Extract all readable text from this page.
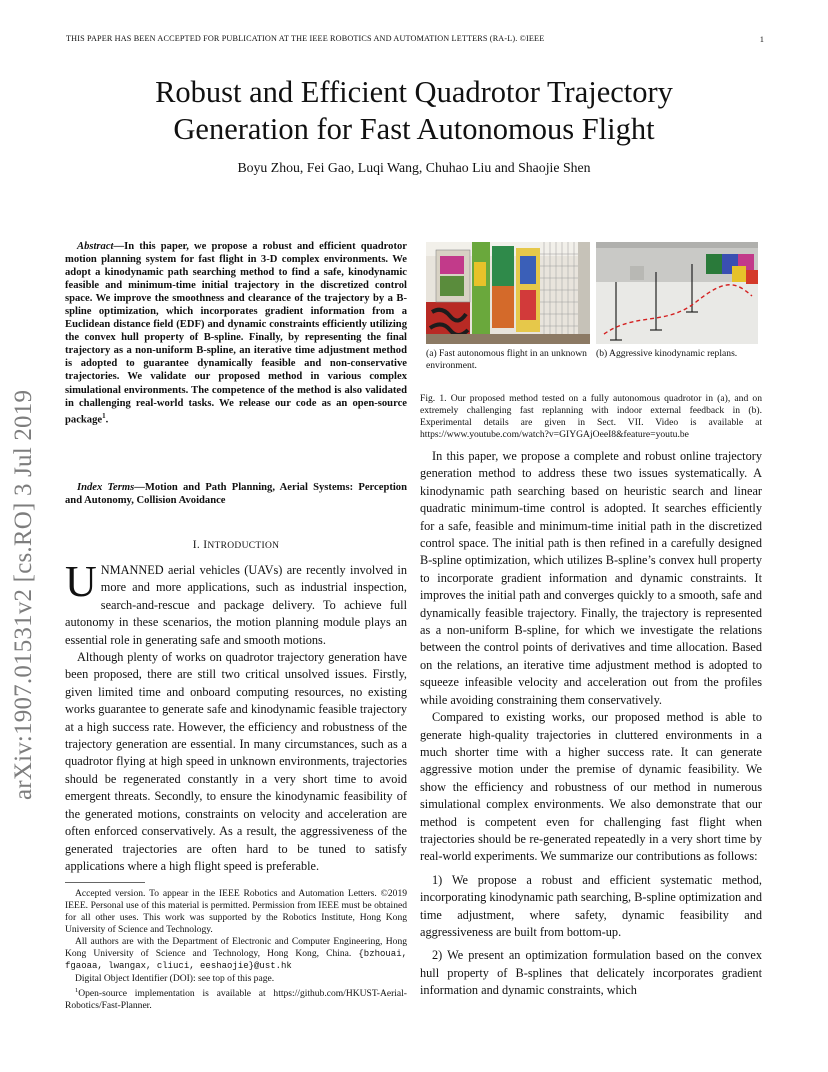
THIS PAPER HAS BEEN ACCEPTED FOR PUBLICATION AT THE IEEE ROBOTICS AND AUTOMATION LETTERS (RA-L). ©IEEE	1
Robust and Efficient Quadrotor Trajectory
Generation for Fast Autonomous Flight
Boyu Zhou, Fei Gao, Luqi Wang, Chuhao Liu and Shaojie Shen
arXiv:1907.01531v2 [cs.RO] 3 Jul 2019
Abstract—In this paper, we propose a robust and efficient quadrotor motion planning system for fast flight in 3-D complex environments. We adopt a kinodynamic path searching method to find a safe, kinodynamic feasible and minimum-time initial trajectory in the discretized control space. We improve the smoothness and clearance of the trajectory by a B-spline optimization, which incorporates gradient information from a Euclidean distance field (EDF) and dynamic constraints efficiently utilizing the convex hull property of B-spline. Finally, by representing the final trajectory as a non-uniform B-spline, an iterative time adjustment method is adopted to guarantee dynamically feasible and non-conservative trajectories. We validate our proposed method in various complex simulational environments. The competence of the method is also validated in challenging real-world tasks. We release our code as an open-source package$^1$.
Index Terms—Motion and Path Planning, Aerial Systems: Perception and Autonomy, Collision Avoidance
I. INTRODUCTION

UNMANNED aerial vehicles (UAVs) are recently involved in more and more applications, such as industrial inspection, search-and-rescue and package delivery. To achieve full autonomy in these scenarios, the motion planning module plays an essential role in generating safe and smooth motions.

Although plenty of works on quadrotor trajectory generation have been proposed, there are still two critical unsolved issues. Firstly, given limited time and onboard computing resources, no existing works guarantee to generate safe and kinodynamic feasible trajectory at a high success rate. However, the efficiency and robustness of the trajectory generation are essential. In many circumstances, such as a quadrotor flying at high speed in unknown environments, trajectories should be regenerated constantly in a very short time to avoid emergent threats. Secondly, to ensure the kinodynamic feasibility of the generated motions, constraints on velocity and acceleration are often enforced conservatively. As a result, the aggressiveness of the generated trajectories are often hard to be tuned to satisfy applications where a high flight speed is preferable.

Accepted version. To appear in the IEEE Robotics and Automation Letters. ©2019 IEEE. Personal use of this material is permitted. Permission from IEEE must be obtained for all other uses. This work was supported by the Robotics Institute, Hong Kong University of Science and Technology.

All authors are with the Department of Electronic and Computer Engineering, Hong Kong University of Science and Technology, Hong Kong, China. {bzhouai, fgaoaa, lwangax, cliuci, eeshaojie}@ust.hk

Digital Object Identifier (DOI): see top of this page.

$^1$Open-source implementation is available at https://github.com/HKUST-Aerial-Robotics/Fast-Planner.

(a) Fast autonomous flight in an unknown environment.
(b) Aggressive kinodynamic replans.
Fig. 1. Our proposed method tested on a fully autonomous quadrotor in (a), and on extremely challenging fast replanning with indoor external feedback in (b). Experimental details are given in Sect. VII. Video is available at https://www.youtube.com/watch?v=GIYGAjOeeI8&feature=youtu.be

In this paper, we propose a complete and robust online trajectory generation method to address these two issues systematically. A kinodynamic path searching based on heuristic search and linear quadratic minimum-time control is adopted. It searches efficiently for a safe, feasible and minimum-time initial path in the discretized control space. The initial path is then refined in a carefully designed B-spline optimization, which utilizes B-spline’s convex hull property to incorporate gradient information and dynamic constraints. It improves the initial path and converges quickly to a smooth, safe and dynamically feasible trajectory. Finally, the trajectory is represented as a non-uniform B-spline, for which we investigate the relations between the control points of derivatives and time allocation. Based on the relations, an iterative time adjustment method is adopted to squeeze infeasible velocity and acceleration out from the profiles while avoiding constraining them conservatively.

Compared to existing works, our proposed method is able to generate high-quality trajectories in cluttered environments in a much shorter time with a higher success rate. It can generate aggressive motion under the premise of dynamic feasibility. We show the efficiency and robustness of our method in numerous simulational complex environments. We also demonstrate that our method is competent even for challenging fast flight when trajectories should be re-generated repeatedly in a very short time by real-world experiments. We summarize our contributions as follows:

1) We propose a robust and efficient systematic method, incorporating kinodynamic path searching, B-spline optimization and time adjustment, where safety, dynamic feasibility and aggressiveness are built from bottom-up.

2) We present an optimization formulation based on the convex hull property of B-splines that delicately incorporates gradient information and dynamic constraints, which
